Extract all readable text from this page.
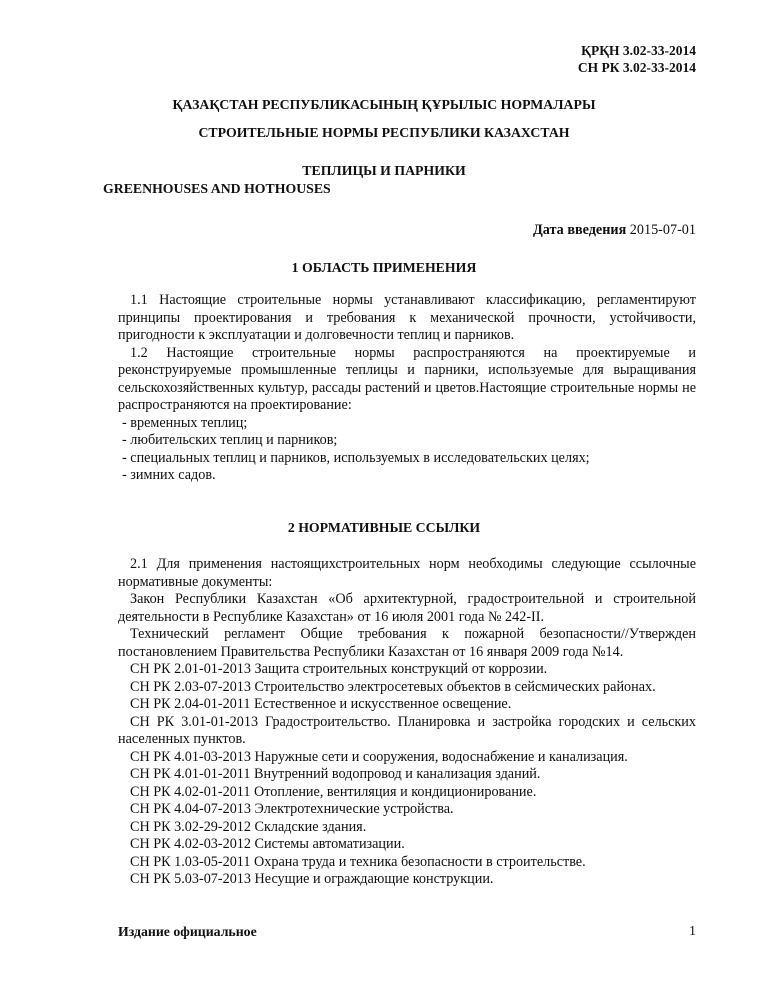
ҚРҚН 3.02-33-2014
СН РК 3.02-33-2014
ҚАЗАҚСТАН РЕСПУБЛИКАСЫНЫҢ ҚҰРЫЛЫС НОРМАЛАРЫ
СТРОИТЕЛЬНЫЕ НОРМЫ РЕСПУБЛИКИ КАЗАХСТАН
ТЕПЛИЦЫ И ПАРНИКИ
GREENHOUSES AND HOTHOUSES
Дата введения 2015-07-01
1 ОБЛАСТЬ ПРИМЕНЕНИЯ

1.1 Настоящие строительные нормы устанавливают классификацию, регламентируют принципы проектирования и требования к механической прочности, устойчивости, пригодности к эксплуатации и долговечности теплиц и парников.

1.2 Настоящие строительные нормы распространяются на проектируемые и реконструируемые промышленные теплицы и парники, используемые для выращивания сельскохозяйственных культур, рассады растений и цветов.Настоящие строительные нормы не распространяются на проектирование:

- временных теплиц;

- любительских теплиц и парников;

- специальных теплиц и парников, используемых в исследовательских целях;

- зимних садов.

2 НОРМАТИВНЫЕ ССЫЛКИ

2.1 Для применения настоящихстроительных норм необходимы следующие ссылочные нормативные документы:

Закон Республики Казахстан «Об архитектурной, градостроительной и строительной деятельности в Республике Казахстан» от 16 июля 2001 года № 242-II.

Технический регламент Общие требования к пожарной безопасности//Утвержден постановлением Правительства Республики Казахстан от 16 января 2009 года №14.

СН РК 2.01-01-2013 Защита строительных конструкций от коррозии.

СН РК 2.03-07-2013 Строительство электросетевых объектов в сейсмических районах.

СН РК 2.04-01-2011 Естественное и искусственное освещение.

СН РК 3.01-01-2013 Градостроительство. Планировка и застройка городских и сельских населенных пунктов.

СН РК 4.01-03-2013 Наружные сети и сооружения, водоснабжение и канализация.

СН РК 4.01-01-2011 Внутренний водопровод и канализация зданий.

СН РК 4.02-01-2011 Отопление, вентиляция и кондиционирование.

СН РК 4.04-07-2013 Электротехнические устройства.

СН РК 3.02-29-2012 Складские здания.

СН РК 4.02-03-2012 Системы автоматизации.

СН РК 1.03-05-2011 Охрана труда и техника безопасности в строительстве.

СН РК 5.03-07-2013 Несущие и ограждающие конструкции.

Издание официальное	1
